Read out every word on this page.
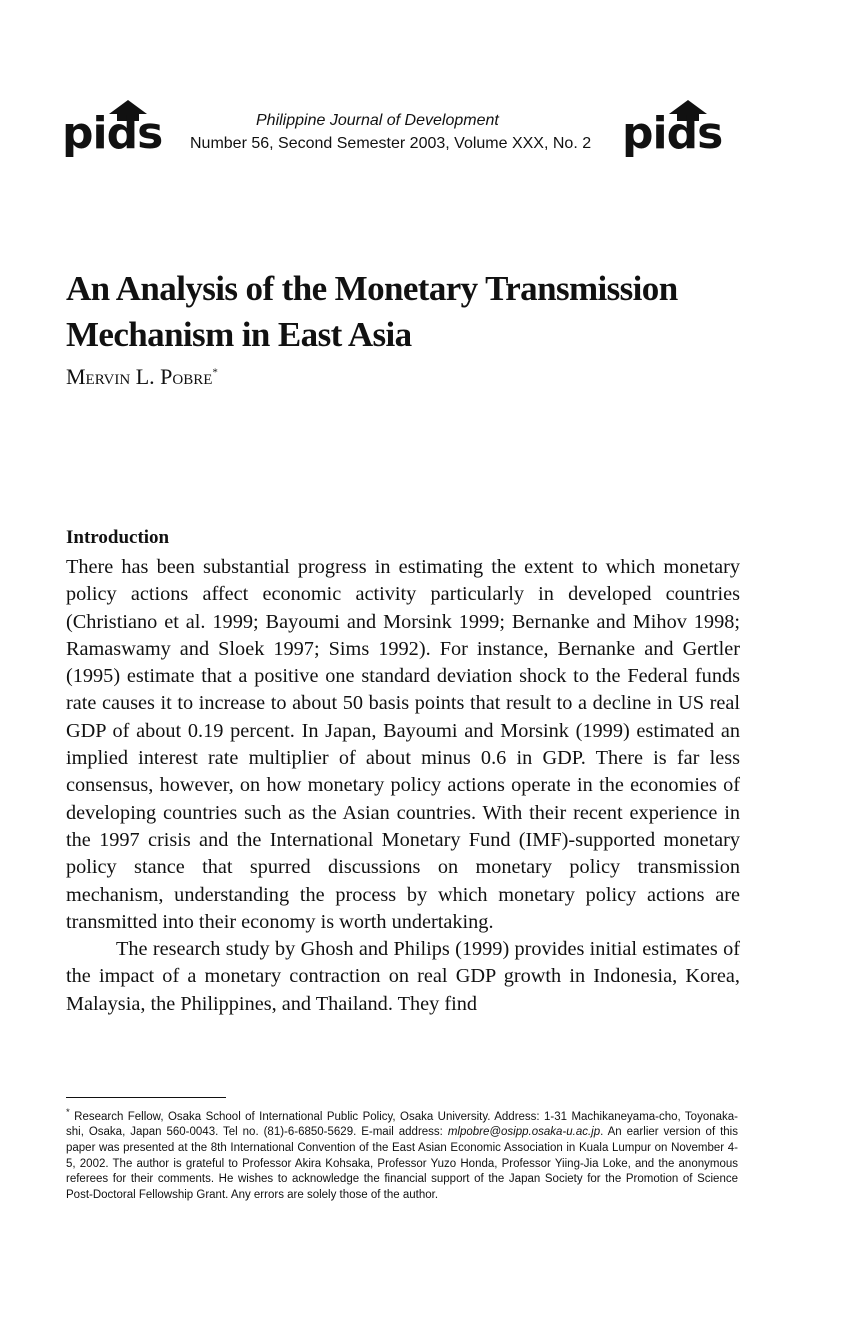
pids	Philippine Journal of Development
Number 56, Second Semester 2003, Volume XXX, No. 2 pids
An Analysis of the Monetary Transmission Mechanism in East Asia
Mervin L. Pobre*
Introduction

There has been substantial progress in estimating the extent to which monetary policy actions affect economic activity particularly in developed countries (Christiano et al. 1999; Bayoumi and Morsink 1999; Bernanke and Mihov 1998; Ramaswamy and Sloek 1997; Sims 1992). For instance, Bernanke and Gertler (1995) estimate that a positive one standard deviation shock to the Federal funds rate causes it to increase to about 50 basis points that result to a decline in US real GDP of about 0.19 percent. In Japan, Bayoumi and Morsink (1999) estimated an implied interest rate multiplier of about minus 0.6 in GDP. There is far less consensus, however, on how monetary policy actions operate in the economies of developing countries such as the Asian countries. With their recent experience in the 1997 crisis and the International Monetary Fund (IMF)-supported monetary policy stance that spurred discussions on monetary policy transmission mechanism, understanding the process by which monetary policy actions are transmitted into their economy is worth undertaking.

The research study by Ghosh and Philips (1999) provides initial estimates of the impact of a monetary contraction on real GDP growth in Indonesia, Korea, Malaysia, the Philippines, and Thailand. They find

* Research Fellow, Osaka School of International Public Policy, Osaka University. Address: 1-31 Machikaneyama-cho, Toyonaka-shi, Osaka, Japan 560-0043. Tel no. (81)-6-6850-5629. E-mail address: mlpobre@osipp.osaka-u.ac.jp. An earlier version of this paper was presented at the 8th International Convention of the East Asian Economic Association in Kuala Lumpur on November 4-5, 2002. The author is grateful to Professor Akira Kohsaka, Professor Yuzo Honda, Professor Yiing-Jia Loke, and the anonymous referees for their comments. He wishes to acknowledge the financial support of the Japan Society for the Promotion of Science Post-Doctoral Fellowship Grant. Any errors are solely those of the author.
